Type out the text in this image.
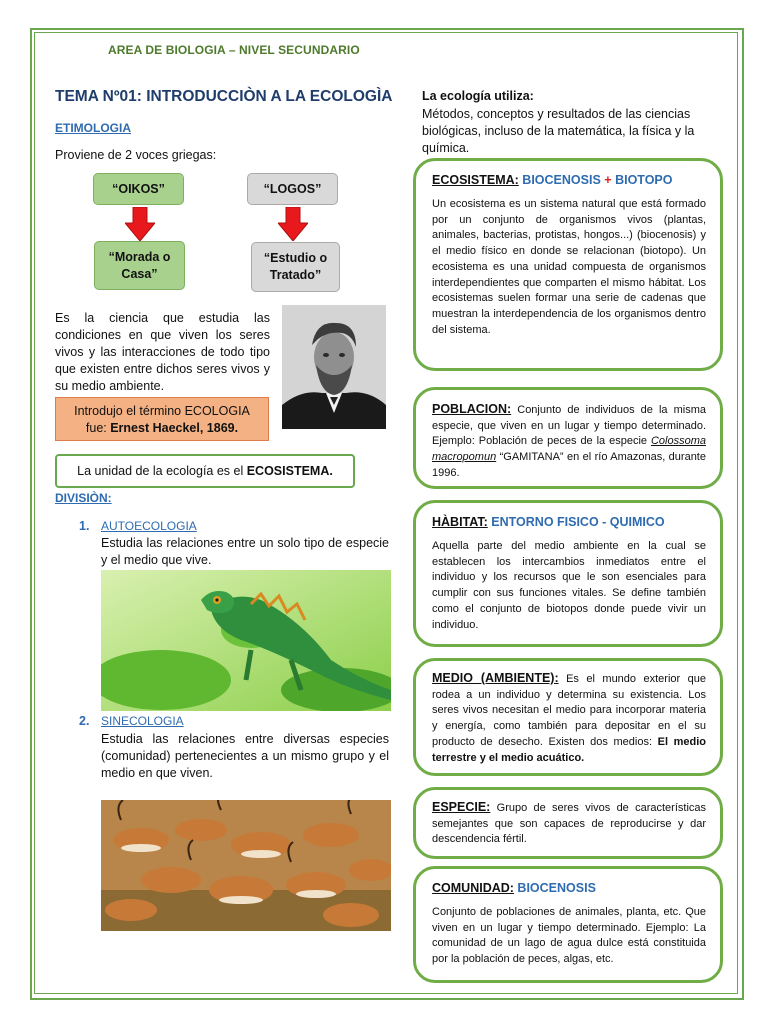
AREA DE BIOLOGIA – NIVEL SECUNDARIO
TEMA Nº01: INTRODUCCIÒN A LA ECOLOGÌA
ETIMOLOGIA
Proviene de 2 voces griegas:
“OIKOS”
“Morada o
Casa”
“LOGOS”
“Estudio o
Tratado”
Es la ciencia que estudia las condiciones en que viven los seres vivos y las interacciones de todo tipo que existen entre dichos seres vivos y su medio ambiente.
Introdujo el término ECOLOGIA
fue: Ernest Haeckel, 1869.
La unidad de la ecología es el ECOSISTEMA.
DIVISIÒN:
1. AUTOECOLOGIA
Estudia las relaciones entre un solo tipo de especie y el medio que vive.
2. SINECOLOGIA
Estudia las relaciones entre diversas especies (comunidad) pertenecientes a un mismo grupo y el medio en que viven.
La ecología utiliza:
Métodos, conceptos y resultados de las ciencias biológicas, incluso de la matemática, la física y la química.
ECOSISTEMA: BIOCENOSIS + BIOTOPO
Un ecosistema es un sistema natural que está formado por un conjunto de organismos vivos (plantas, animales, bacterias, protistas, hongos...) (biocenosis) y el medio físico en donde se relacionan (biotopo). Un ecosistema es una unidad compuesta de organismos interdependientes que comparten el mismo hábitat. Los ecosistemas suelen formar una serie de cadenas que muestran la interdependencia de los organismos dentro del sistema.
POBLACION: Conjunto de individuos de la misma especie, que viven en un lugar y tiempo determinado. Ejemplo: Población de peces de la especie Colossoma macropomun “GAMITANA” en el río Amazonas, durante 1996.
HÀBITAT: ENTORNO FISICO - QUIMICO
Aquella parte del medio ambiente en la cual se establecen los intercambios inmediatos entre el individuo y los recursos que le son esenciales para cumplir con sus funciones vitales. Se define también como el conjunto de biotopos donde puede vivir un individuo.
MEDIO (AMBIENTE): Es el mundo exterior que rodea a un individuo y determina su existencia. Los seres vivos necesitan el medio para incorporar materia y energía, como también para depositar en el su producto de desecho. Existen dos medios: El medio terrestre y el medio acuático.
ESPECIE: Grupo de seres vivos de características semejantes que son capaces de reproducirse y dar descendencia fértil.
COMUNIDAD: BIOCENOSIS
Conjunto de poblaciones de animales, planta, etc. Que viven en un lugar y tiempo determinado. Ejemplo: La comunidad de un lago de agua dulce está constituida por la población de peces, algas, etc.
